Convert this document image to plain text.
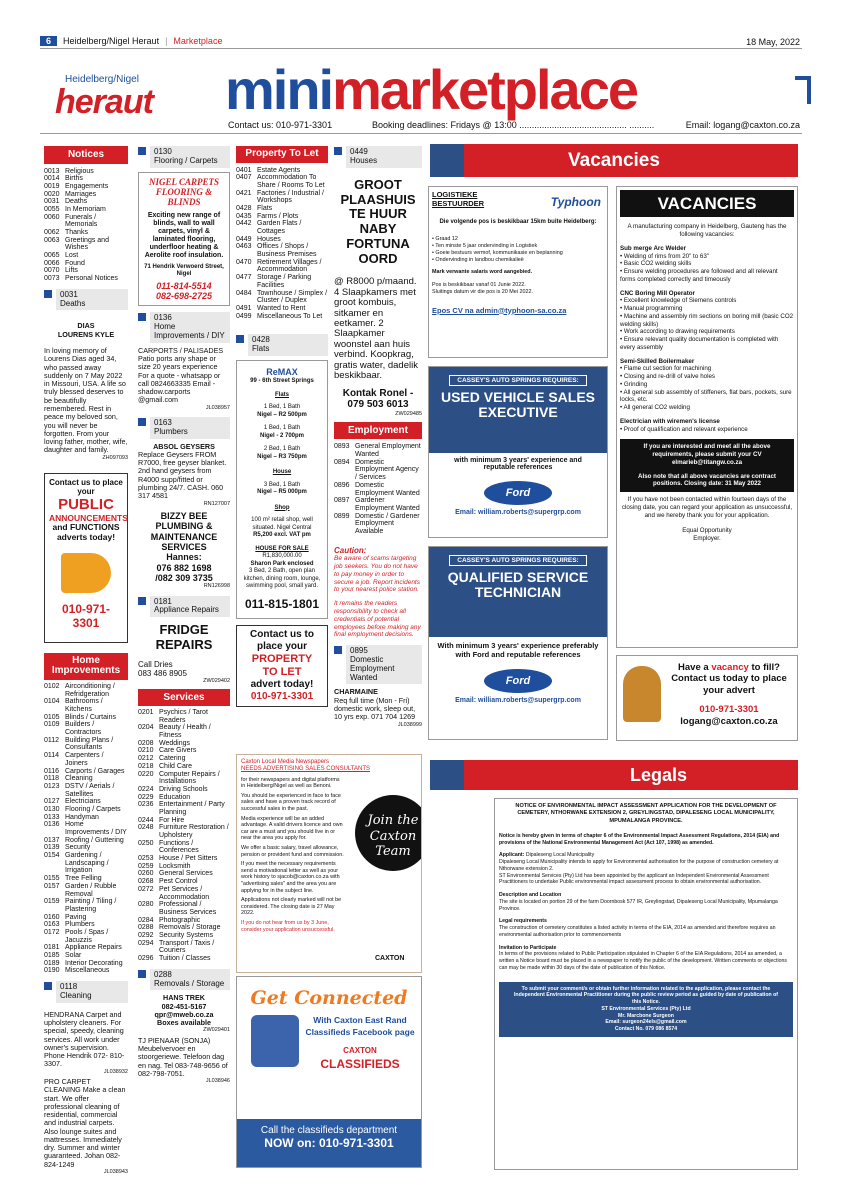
6	Heidelberg/Nigel Heraut | Marketplace	18 May, 2022
Heidelberg/Nigel
heraut mini marketplace
Contact us: 010-971-3301	Booking deadlines: Fridays @ 13:00 ........................................... ..........	Email: logang@caxton.co.za
Notices
0013 Religious
0014 Births
0019 Engagements
0020 Marriages
0031 Deaths
0055 In Memoriam
0060 Funerals / Memorials
0062 Thanks
0063 Greetings and Wishes
0065 Lost
0066 Found
0070 Lifts
0073 Personal Notices
0031
Deaths
DIAS
LOURENS KYLE
In loving memory of Lourens Dias aged 34, who passed away suddenly on 7 May 2022 in Missouri, USA. A life so truly blessed deserves to be beautifully remembered. Rest in peace my beloved son, you will never be forgotten. From your loving father, mother, wife, daughter and family.
ZH097093
Contact us to place your
PUBLIC
ANNOUNCEMENTS
and FUNCTIONS
adverts today!
010-971-3301
Home Improvements
0102 Airconditioning / Refridgeration
0104 Bathrooms / Kitchens
0105 Blinds / Curtains
0109 Builders / Contractors
0112 Building Plans / Consultants
0114 Carpenters / Joiners
0116 Carports / Garages
0118 Cleaning
0123 DSTV / Aerials / Satellites
0127 Electricians
0130 Flooring / Carpets
0133 Handyman
0136 Home Improvements / DIY
0137 Roofing / Guttering
0139 Security
0154 Gardening / Landscaping / Irrigation
0155 Tree Felling
0157 Garden / Rubble Removal
0159 Painting / Tiling / Plastering
0160 Paving
0163 Plumbers
0172 Pools / Spas / Jacuzzis
0181 Appliance Repairs
0185 Solar
0189 Interior Decorating
0190 Miscellaneous
0118
Cleaning
HENDRANA Carpet and upholstery cleaners. For special, speedy, cleaning services. All work under owner's supervision. Phone Hendrik 072- 810-3307.
JL038932
PRO CARPET CLEANING Make a clean start. We offer professional cleaning of residential, commercial and industrial carpets. Also lounge suites and mattresses. Immediately dry. Summer and winter guaranteed. Johan 082-824-1249
JL038943
0130
Flooring / Carpets
NIGEL CARPETS FLOORING & BLINDS
Exciting new range of blinds, wall to wall carpets, vinyl & laminated flooring, underfloor heating & Aerolite roof insulation.
71 Hendrik Verwoerd Street, Nigel
011-814-5514
082-698-2725
0136
Home Improvements / DIY
CARPORTS / PALISADES Patio ports any shape or size 20 years experience For a quote - whatsapp or call 0824663335 Email - shadow.carports @gmail.com
JL038957
0163
Plumbers
ABSOL GEYSERS
Replace Geysers FROM R7000, free geyser blanket. 2nd hand geysers from R4000 supp/fitted or plumbing 24/7. CASH. 060 317 4581
RN127007
BIZZY BEE
PLUMBING &
MAINTENANCE
SERVICES
Hannes:
076 882 1698
/082 309 3735
RN126998
0181
Appliance Repairs
FRIDGE
REPAIRS
Call Dries
083 486 8905
ZW029402
Services
0201 Psychics / Tarot Readers
0204 Beauty / Health / Fitness
0208 Weddings
0210 Care Givers
0212 Catering
0218 Child Care
0220 Computer Repairs / Installations
0224 Driving Schools
0229 Education
0236 Entertainment / Party Planning
0244 For Hire
0248 Furniture Restoration / Upholstery
0250 Functions / Conferences
0253 House / Pet Sitters
0259 Locksmith
0260 General Services
0268 Pest Control
0272 Pet Services / Accommodation
0280 Professional / Business Services
0284 Photographic
0288 Removals / Storage
0292 Security Systems
0294 Transport / Taxis / Couriers
0296 Tuition / Classes
0288
Removals / Storage
HANS TREK
082-451-5167
qpr@mweb.co.za
Boxes available
ZW029401
TJ PIENAAR (SONJA) Meubelvervoer en stoorgeriewe. Telefoon dag en nag. Tel 083-748-9656 of 082-798-7051.
JL038946
Property To Let
0401 Estate Agents
0407 Accommodation To Share / Rooms To Let
0421 Factories / Industrial / Workshops
0428 Flats
0435 Farms / Plots
0442 Garden Flats / Cottages
0449 Houses
0463 Offices / Shops / Business Premises
0470 Retirement Villages / Accommodation
0477 Storage / Parking Facilities
0484 Townhouse / Simplex / Cluster / Duplex
0491 Wanted to Rent
0499 Miscellaneous To Let
0428
Flats
ReMAX
99 - 6th Street Springs
Flats
1 Bed, 1 Bath
Nigel – R2 500pm
1 Bed, 1 Bath
Nigel - 2 700pm
2 Bed, 1 Bath
Nigel – R3 750pm
House
3 Bed, 1 Bath
Nigel – R5 000pm
Shop
100 m² retail shop, well situated. Nigel Central
R5,200 excl. VAT pm
HOUSE FOR SALE
R1,830,000.00
Sharon Park enclosed
3 Bed, 2 Bath, open plan kitchen, dining room, lounge, swimming pool, small yard.
011-815-1801
Contact us to
place your
PROPERTY
TO LET
advert today!
010-971-3301
0449
Houses
GROOT
PLAASHUIS
TE HUUR
NABY
FORTUNA
OORD
@ R8000 p/maand. 4 Slaapkamers met groot kombuis, sitkamer en eetkamer. 2 Slaapkamer woonstel aan huis verbind. Koopkrag, gratis water, dadelik beskikbaar.
Kontak Ronel -
079 503 6013
ZW029485
Employment
0893 General Employment Wanted
0894 Domestic Employment Agency / Services
0896 Domestic Employment Wanted
0897 Gardener Employment Wanted
0899 Domestic / Gardener Employment Available
Caution:
Be aware of scams targeting job seekers. You do not have to pay money in order to secure a job. Report incidents to your nearest police station.
It remains the readers responsibility to check all credentials of potential employees before making any final employment decisions.
0895
Domestic Employment Wanted
CHARMAINE
Req full time (Mon - Fri) domestic work, sleep out, 10 yrs exp. 071 704 1269
JL038999
Caxton Local Media Newspapers
NEEDS ADVERTISING SALES CONSULTANTS
for their newspapers and digital platforms in Heidelberg/Nigel as well as Benoni.
You should be experienced in face to face sales and have a proven track record of successful sales in the past.
Media experience will be an added advantage. A valid drivers licence and own car are a must and you should live in or near the area you apply for.
We offer a basic salary, travel allowance, pension or provident fund and commission.
If you meet the necessary requirements send a motivational letter as well as your work history to sjacob@caxton.co.za with "advertising sales" and the area you are applying for in the subject line.
Applications not clearly marked will not be considered. The closing date is 27 May 2022.
If you do not hear from us by 3 June, consider your application unsuccessful.
Join the
Caxton Team
CAXTON
Get Connected
With Caxton East Rand
Classifieds Facebook page
CAXTON
CLASSIFIEDS
Call the classifieds department
NOW on: 010-971-3301
Vacancies
LOGISTIEKE
BESTUURDER	Typhoon
Die volgende pos is beskikbaar 15km buite Heidelberg:
• Graad 12
• Ten minste 5 jaar ondervinding in Logistiek
• Goeie bestuurs vermof, kommunikasie en beplanning
• Ondervinding in landbou chemikalieë
Mark verwante salaris word aangebied.
Pos is beskikbaar vanaf 01 Junie 2022.
Sluitings datum vir die pos is 20 Mei 2022.
Epos CV na admin@typhoon-sa.co.za
CASSEY'S AUTO SPRINGS REQUIRES:
USED VEHICLE SALES EXECUTIVE
with minimum 3 years' experience and reputable references
Ford
Email: william.roberts@supergrp.com
CASSEY'S AUTO SPRINGS REQUIRES:
QUALIFIED SERVICE TECHNICIAN
With minimum 3 years' experience preferably with Ford and reputable references
Ford
Email: william.roberts@supergrp.com
VACANCIES
A manufacturing company in Heidelberg, Gauteng has the following vacancies:
Sub merge Arc Welder
• Welding of rims from 20" to 63"
• Basic CO2 welding skills
• Ensure welding procedures are followed and all relevant forms completed correctly and timeously
CNC Boring Mill Operator
• Excellent knowledge of Siemens controls
• Manual programming
• Machine and assembly rim sections on boring mill (basic CO2 welding skills)
• Work according to drawing requirements
• Ensure relevant quality documentation is completed with every assembly
Semi-Skilled Boilermaker
• Flame cut section for machining
• Closing and re-drill of valve holes
• Grinding
• All general sub assembly of stiffeners, flat bars, pockets, sure locks, etc.
• All general CO2 welding
Electrician with wiremen's license
• Proof of qualification and relevant experience
If you are interested and meet all the above requirements, please submit your CV elmarieb@titangw.co.za
Also note that all above vacancies are contract positions. Closing date: 31 May 2022
If you have not been contacted within fourteen days of the closing date, you can regard your application as unsuccessful, and we hereby thank you for your application.
Equal Opportunity
Employer.
Have a vacancy to fill?
Contact us today to place your advert
010-971-3301
logang@caxton.co.za
Legals
NOTICE OF ENVIRONMENTAL IMPACT ASSESSMENT APPLICATION FOR THE DEVELOPMENT OF CEMETERY, NTHORWANE EXTENSION 2, GREYLINGSTAD, DIPALESENG LOCAL MUNICIPALITY, MPUMALANGA PROVINCE.
Notice is hereby given in terms of chapter 6 of the Environmental Impact Assessment Regulations, 2014 (EIA) and provisions of the National Environmental Management Act (Act 107, 1998) as amended.
Applicant: Dipaleseng Local Municipality
Dipaleseng Local Municipality intends to apply for Environmental authorisation for the purpose of construction cemetery at Nthorwane extension 2.
ST Environmental Services (Pty) Ltd has been appointed by the applicant an Independent Environmental Assessment Practitioners to undertake Public environmental impact assessment process to obtain environmental authorisation.
Description and Location
The site is located on portion 29 of the farm Doornbosk 577 IR, Greylingstad, Dipaleseng Local Municipality, Mpumalanga Province.
Legal requirements
The construction of cemetery constitutes a listed activity in terms of the EIA, 2014 as amended and therefore requires an environmental authorisation prior to commencements
Invitation to Participate
In terms of the provisions related to Public Participation stipulated in Chapter 6 of the EIA Regulations, 2014 as amended, a written a Notice board must be placed in a newspaper to notify the public of the development. Written comments or objections can may be made within 30 days of the date of publication of this Notice.
To submit your comment/s or obtain further information related to the application, please contact the Independent Environmental Practitioner during the public review period as guided by date of publication of this Notice.
ST Environmental Services (Pty) Ltd
Mr. Marcbone Surgeon
Email: surgeon24els@gmail.com
Contact No. 079 086 8574
